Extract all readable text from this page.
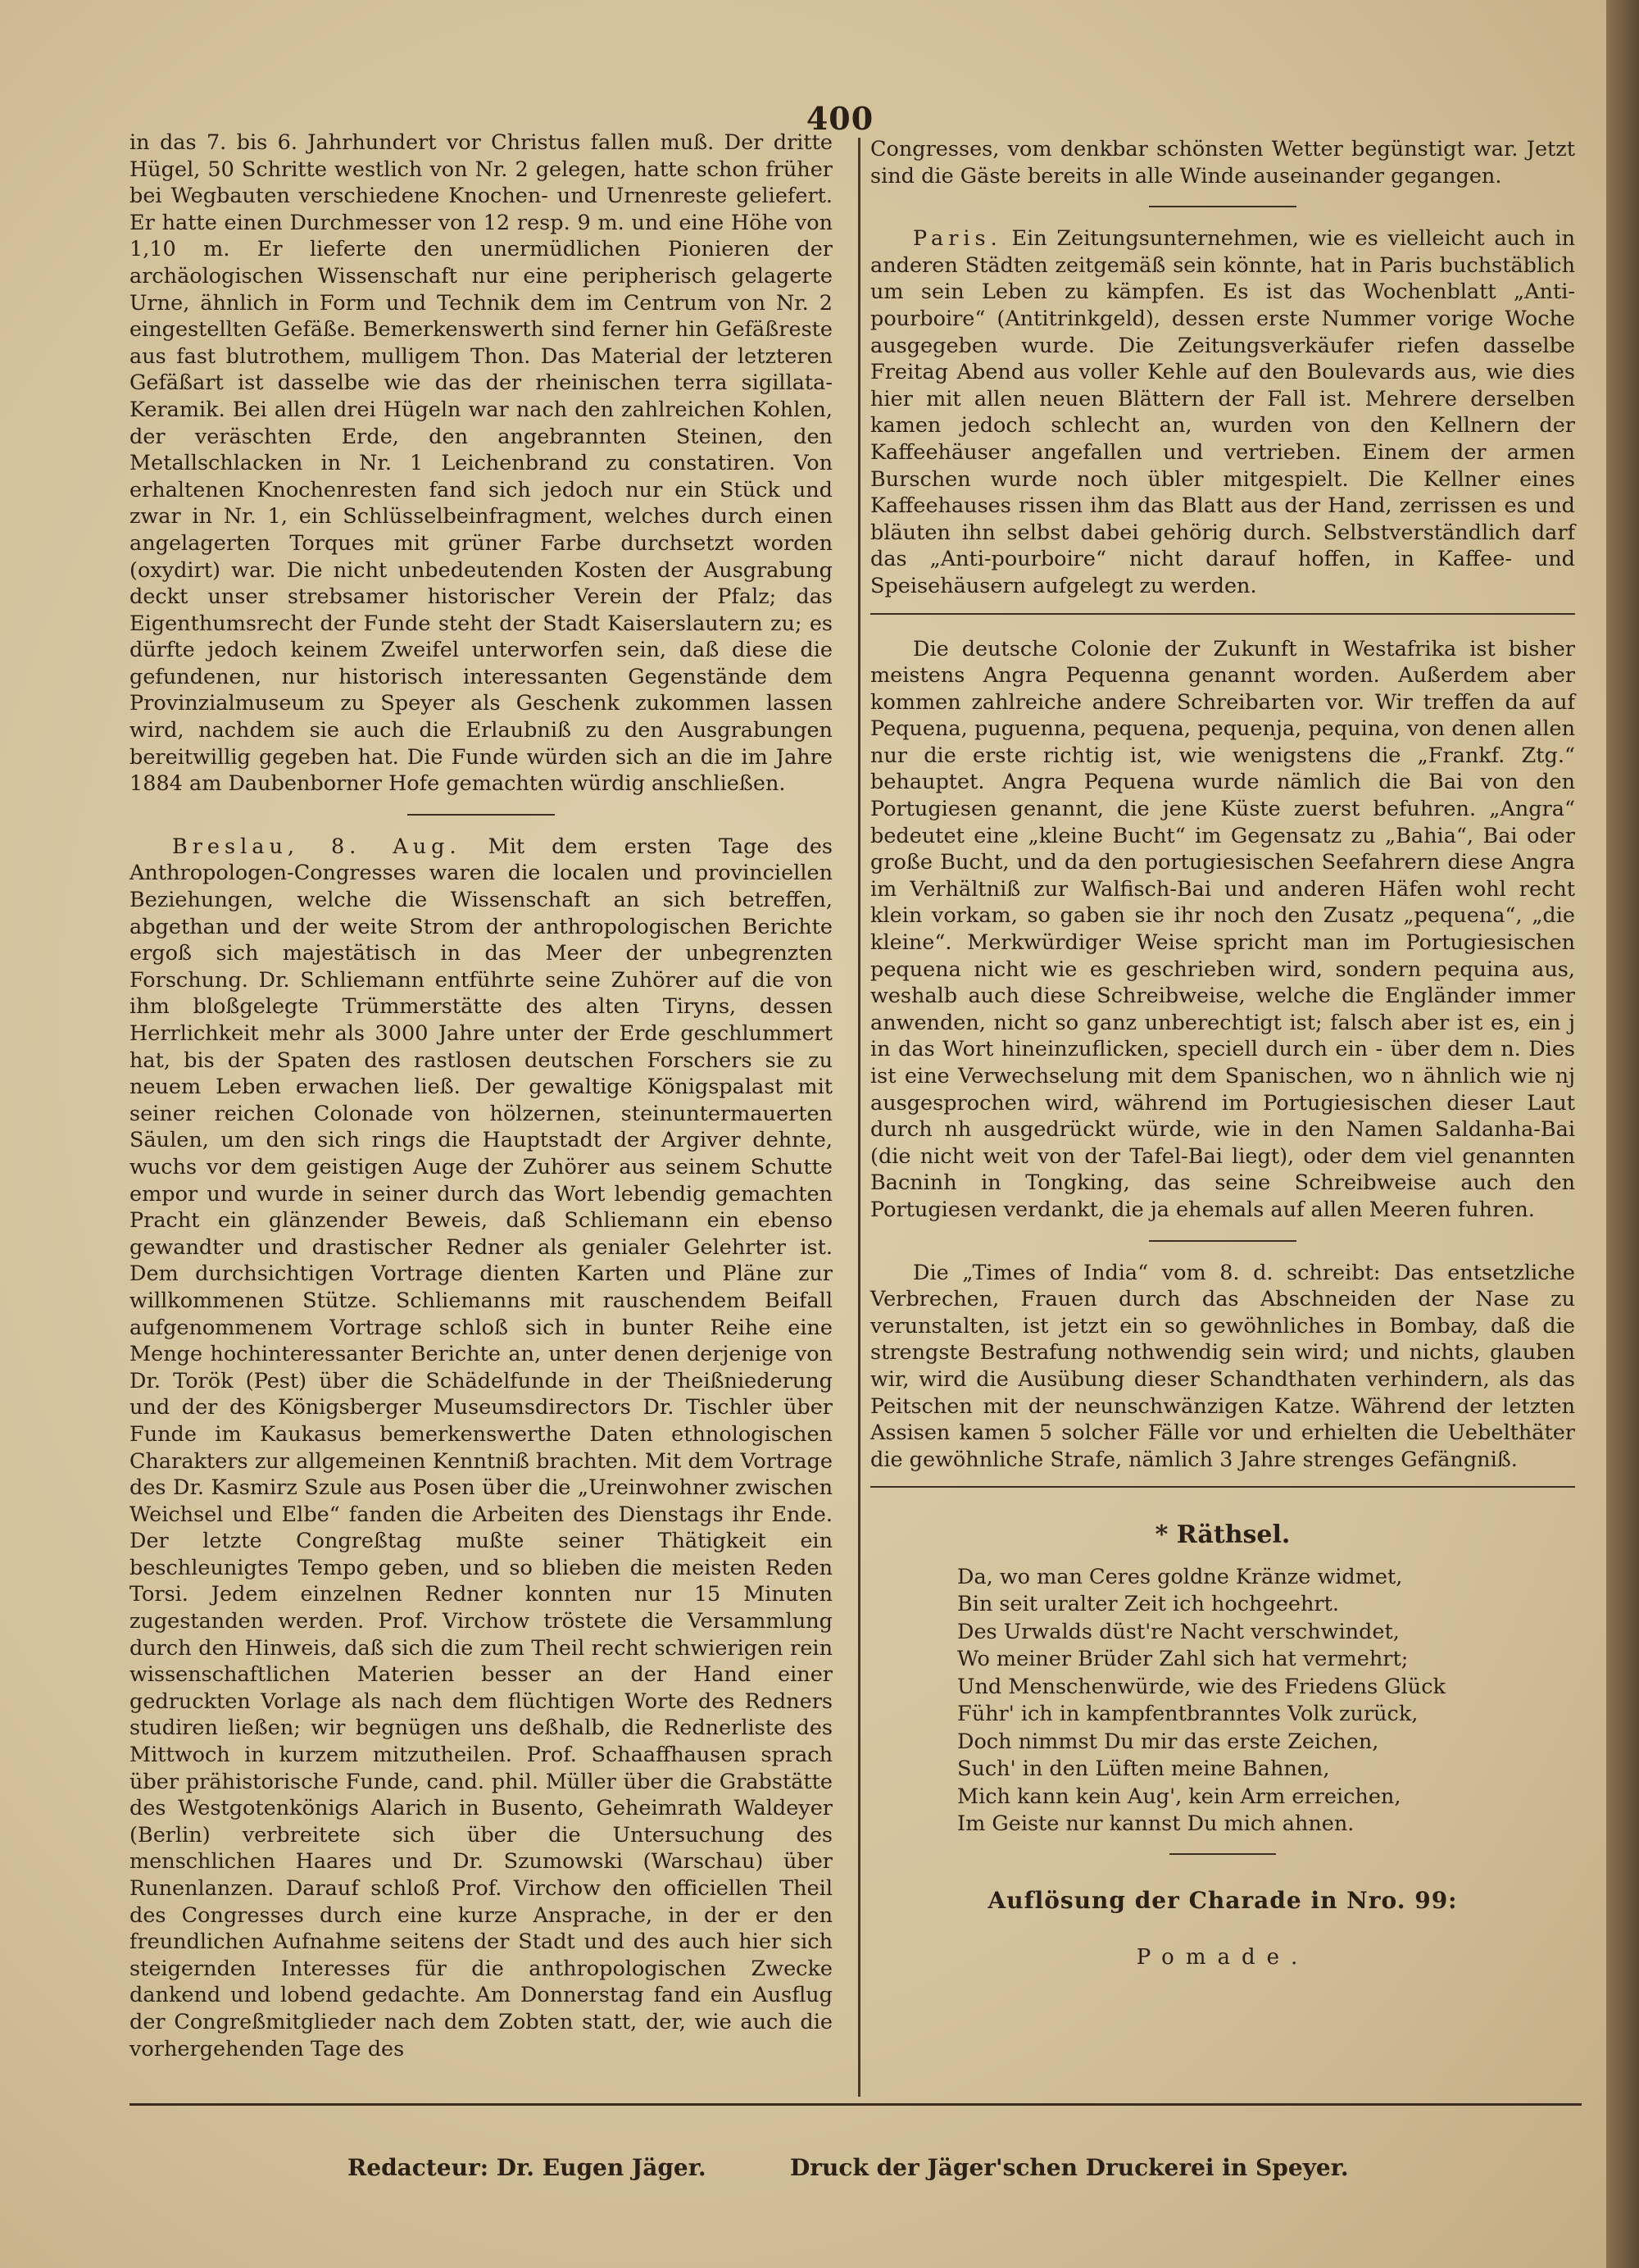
400

in das 7. bis 6. Jahrhundert vor Christus fallen muß. Der dritte Hügel, 50 Schritte westlich von Nr. 2 gelegen, hatte schon früher bei Wegbauten verschiedene Knochen- und Urnenreste geliefert. Er hatte einen Durchmesser von 12 resp. 9 m. und eine Höhe von 1,10 m. Er lieferte den unermüdlichen Pionieren der archäologischen Wissenschaft nur eine peripherisch gelagerte Urne, ähnlich in Form und Technik dem im Centrum von Nr. 2 eingestellten Gefäße. Bemerkenswerth sind ferner hin Gefäßreste aus fast blutrothem, mulligem Thon. Das Material der letzteren Gefäßart ist dasselbe wie das der rheinischen terra sigillata-Keramik. Bei allen drei Hügeln war nach den zahlreichen Kohlen, der veräschten Erde, den angebrannten Steinen, den Metallschlacken in Nr. 1 Leichenbrand zu constatiren. Von erhaltenen Knochenresten fand sich jedoch nur ein Stück und zwar in Nr. 1, ein Schlüsselbeinfragment, welches durch einen angelagerten Torques mit grüner Farbe durchsetzt worden (oxydirt) war. Die nicht unbedeutenden Kosten der Ausgrabung deckt unser strebsamer historischer Verein der Pfalz; das Eigenthumsrecht der Funde steht der Stadt Kaiserslautern zu; es dürfte jedoch keinem Zweifel unterworfen sein, daß diese die gefundenen, nur historisch interessanten Gegenstände dem Provinzialmuseum zu Speyer als Geschenk zukommen lassen wird, nachdem sie auch die Erlaubniß zu den Ausgrabungen bereitwillig gegeben hat. Die Funde würden sich an die im Jahre 1884 am Daubenborner Hofe gemachten würdig anschließen.

Breslau, 8. Aug. Mit dem ersten Tage des Anthropologen-Congresses waren die localen und provinciellen Beziehungen, welche die Wissenschaft an sich betreffen, abgethan und der weite Strom der anthropologischen Berichte ergoß sich majestätisch in das Meer der unbegrenzten Forschung. Dr. Schliemann entführte seine Zuhörer auf die von ihm bloßgelegte Trümmerstätte des alten Tiryns, dessen Herrlichkeit mehr als 3000 Jahre unter der Erde geschlummert hat, bis der Spaten des rastlosen deutschen Forschers sie zu neuem Leben erwachen ließ. Der gewaltige Königspalast mit seiner reichen Colonade von hölzernen, steinuntermauerten Säulen, um den sich rings die Hauptstadt der Argiver dehnte, wuchs vor dem geistigen Auge der Zuhörer aus seinem Schutte empor und wurde in seiner durch das Wort lebendig gemachten Pracht ein glänzender Beweis, daß Schliemann ein ebenso gewandter und drastischer Redner als genialer Gelehrter ist. Dem durchsichtigen Vortrage dienten Karten und Pläne zur willkommenen Stütze. Schliemanns mit rauschendem Beifall aufgenommenem Vortrage schloß sich in bunter Reihe eine Menge hochinteressanter Berichte an, unter denen derjenige von Dr. Torök (Pest) über die Schädelfunde in der Theißniederung und der des Königsberger Museumsdirectors Dr. Tischler über Funde im Kaukasus bemerkenswerthe Daten ethnologischen Charakters zur allgemeinen Kenntniß brachten. Mit dem Vortrage des Dr. Kasmirz Szule aus Posen über die „Ureinwohner zwischen Weichsel und Elbe“ fanden die Arbeiten des Dienstags ihr Ende. Der letzte Congreßtag mußte seiner Thätigkeit ein beschleunigtes Tempo geben, und so blieben die meisten Reden Torsi. Jedem einzelnen Redner konnten nur 15 Minuten zugestanden werden. Prof. Virchow tröstete die Versammlung durch den Hinweis, daß sich die zum Theil recht schwierigen rein wissenschaftlichen Materien besser an der Hand einer gedruckten Vorlage als nach dem flüchtigen Worte des Redners studiren ließen; wir begnügen uns deßhalb, die Rednerliste des Mittwoch in kurzem mitzutheilen. Prof. Schaaffhausen sprach über prähistorische Funde, cand. phil. Müller über die Grabstätte des Westgotenkönigs Alarich in Busento, Geheimrath Waldeyer (Berlin) verbreitete sich über die Untersuchung des menschlichen Haares und Dr. Szumowski (Warschau) über Runenlanzen. Darauf schloß Prof. Virchow den officiellen Theil des Congresses durch eine kurze Ansprache, in der er den freundlichen Aufnahme seitens der Stadt und des auch hier sich steigernden Interesses für die anthropologischen Zwecke dankend und lobend gedachte. Am Donnerstag fand ein Ausflug der Congreßmitglieder nach dem Zobten statt, der, wie auch die vorhergehenden Tage des

Congresses, vom denkbar schönsten Wetter begünstigt war. Jetzt sind die Gäste bereits in alle Winde auseinander gegangen.

Paris. Ein Zeitungsunternehmen, wie es vielleicht auch in anderen Städten zeitgemäß sein könnte, hat in Paris buchstäblich um sein Leben zu kämpfen. Es ist das Wochenblatt „Anti-pourboire“ (Antitrinkgeld), dessen erste Nummer vorige Woche ausgegeben wurde. Die Zeitungsverkäufer riefen dasselbe Freitag Abend aus voller Kehle auf den Boulevards aus, wie dies hier mit allen neuen Blättern der Fall ist. Mehrere derselben kamen jedoch schlecht an, wurden von den Kellnern der Kaffeehäuser angefallen und vertrieben. Einem der armen Burschen wurde noch übler mitgespielt. Die Kellner eines Kaffeehauses rissen ihm das Blatt aus der Hand, zerrissen es und bläuten ihn selbst dabei gehörig durch. Selbstverständlich darf das „Anti-pourboire“ nicht darauf hoffen, in Kaffee- und Speisehäusern aufgelegt zu werden.

Die deutsche Colonie der Zukunft in Westafrika ist bisher meistens Angra Pequenna genannt worden. Außerdem aber kommen zahlreiche andere Schreibarten vor. Wir treffen da auf Pequena, puguenna, pequena, pequenja, pequina, von denen allen nur die erste richtig ist, wie wenigstens die „Frankf. Ztg.“ behauptet. Angra Pequena wurde nämlich die Bai von den Portugiesen genannt, die jene Küste zuerst befuhren. „Angra“ bedeutet eine „kleine Bucht“ im Gegensatz zu „Bahia“, Bai oder große Bucht, und da den portugiesischen Seefahrern diese Angra im Verhältniß zur Walfisch-Bai und anderen Häfen wohl recht klein vorkam, so gaben sie ihr noch den Zusatz „pequena“, „die kleine“. Merkwürdiger Weise spricht man im Portugiesischen pequena nicht wie es geschrieben wird, sondern pequina aus, weshalb auch diese Schreibweise, welche die Engländer immer anwenden, nicht so ganz unberechtigt ist; falsch aber ist es, ein j in das Wort hineinzuflicken, speciell durch ein - über dem n. Dies ist eine Verwechselung mit dem Spanischen, wo n ähnlich wie nj ausgesprochen wird, während im Portugiesischen dieser Laut durch nh ausgedrückt würde, wie in den Namen Saldanha-Bai (die nicht weit von der Tafel-Bai liegt), oder dem viel genannten Bacninh in Tongking, das seine Schreibweise auch den Portugiesen verdankt, die ja ehemals auf allen Meeren fuhren.

Die „Times of India“ vom 8. d. schreibt: Das entsetzliche Verbrechen, Frauen durch das Abschneiden der Nase zu verunstalten, ist jetzt ein so gewöhnliches in Bombay, daß die strengste Bestrafung nothwendig sein wird; und nichts, glauben wir, wird die Ausübung dieser Schandthaten verhindern, als das Peitschen mit der neunschwänzigen Katze. Während der letzten Assisen kamen 5 solcher Fälle vor und erhielten die Uebelthäter die gewöhnliche Strafe, nämlich 3 Jahre strenges Gefängniß.

* Räthsel.
Da, wo man Ceres goldne Kränze widmet,
Bin seit uralter Zeit ich hochgeehrt.
Des Urwalds düst're Nacht verschwindet,
Wo meiner Brüder Zahl sich hat vermehrt;
Und Menschenwürde, wie des Friedens Glück
Führ' ich in kampfentbranntes Volk zurück,
Doch nimmst Du mir das erste Zeichen,
Such' in den Lüften meine Bahnen,
Mich kann kein Aug', kein Arm erreichen,
Im Geiste nur kannst Du mich ahnen.
Auflösung der Charade in Nro. 99:
Pomade.
Redacteur: Dr. Eugen Jäger.	Druck der Jäger'schen Druckerei in Speyer.
